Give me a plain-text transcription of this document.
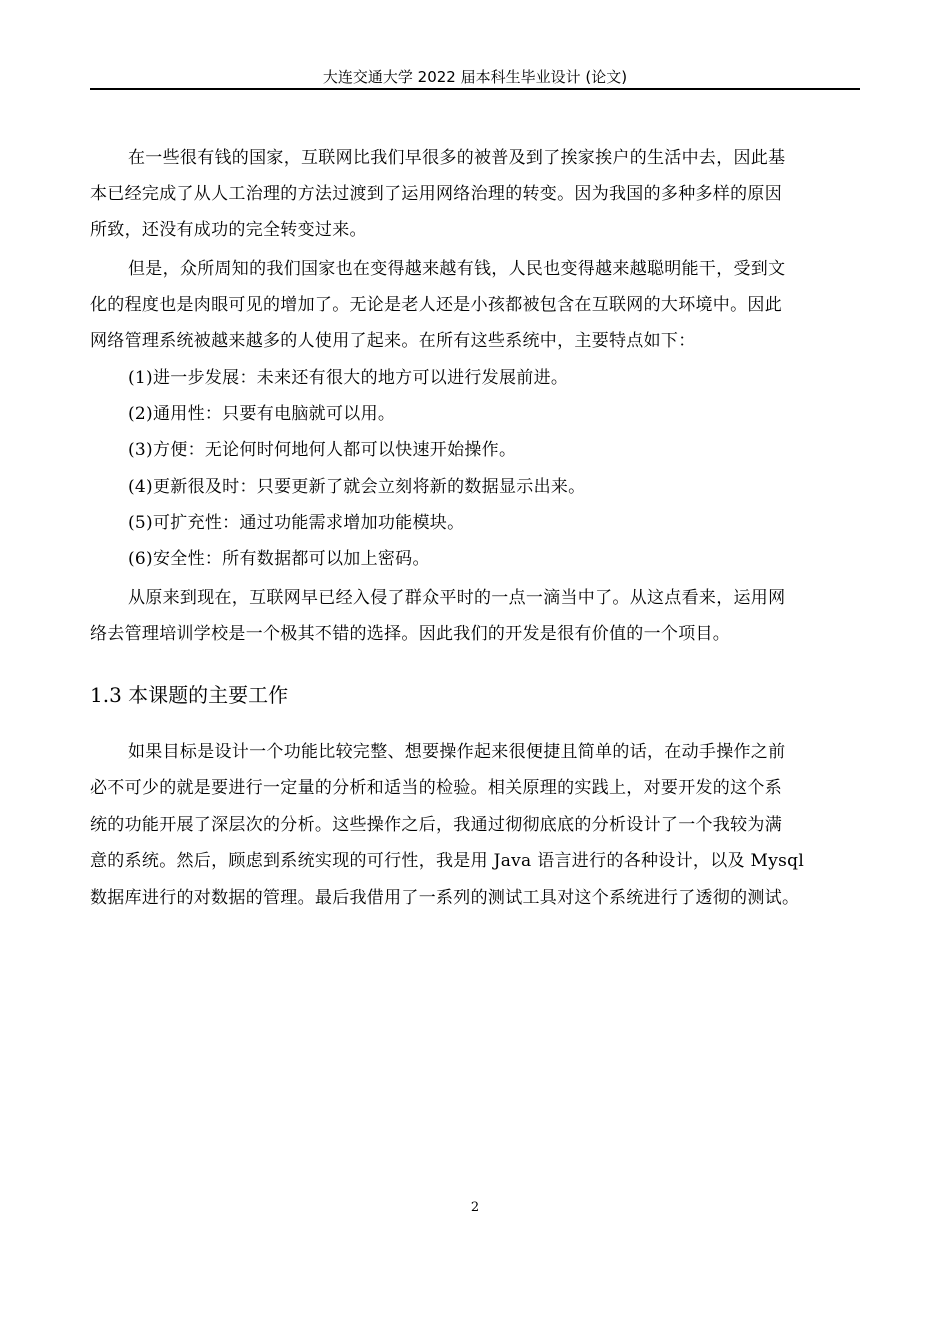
大连交通大学 2022 届本科生毕业设计 (论文)
在一些很有钱的国家，互联网比我们早很多的被普及到了挨家挨户的生活中去，因此基
本已经完成了从人工治理的方法过渡到了运用网络治理的转变。因为我国的多种多样的原因
所致，还没有成功的完全转变过来。
但是，众所周知的我们国家也在变得越来越有钱，人民也变得越来越聪明能干，受到文
化的程度也是肉眼可见的增加了。无论是老人还是小孩都被包含在互联网的大环境中。因此
网络管理系统被越来越多的人使用了起来。在所有这些系统中，主要特点如下：
(1)进一步发展：未来还有很大的地方可以进行发展前进。
(2)通用性：只要有电脑就可以用。
(3)方便：无论何时何地何人都可以快速开始操作。
(4)更新很及时：只要更新了就会立刻将新的数据显示出来。
(5)可扩充性：通过功能需求增加功能模块。
(6)安全性：所有数据都可以加上密码。
从原来到现在，互联网早已经入侵了群众平时的一点一滴当中了。从这点看来，运用网
络去管理培训学校是一个极其不错的选择。因此我们的开发是很有价值的一个项目。
1.3 本课题的主要工作
如果目标是设计一个功能比较完整、想要操作起来很便捷且简单的话，在动手操作之前
必不可少的就是要进行一定量的分析和适当的检验。相关原理的实践上，对要开发的这个系
统的功能开展了深层次的分析。这些操作之后，我通过彻彻底底的分析设计了一个我较为满
意的系统。然后，顾虑到系统实现的可行性，我是用 Java 语言进行的各种设计，以及 Mysql
数据库进行的对数据的管理。最后我借用了一系列的测试工具对这个系统进行了透彻的测试。
2
